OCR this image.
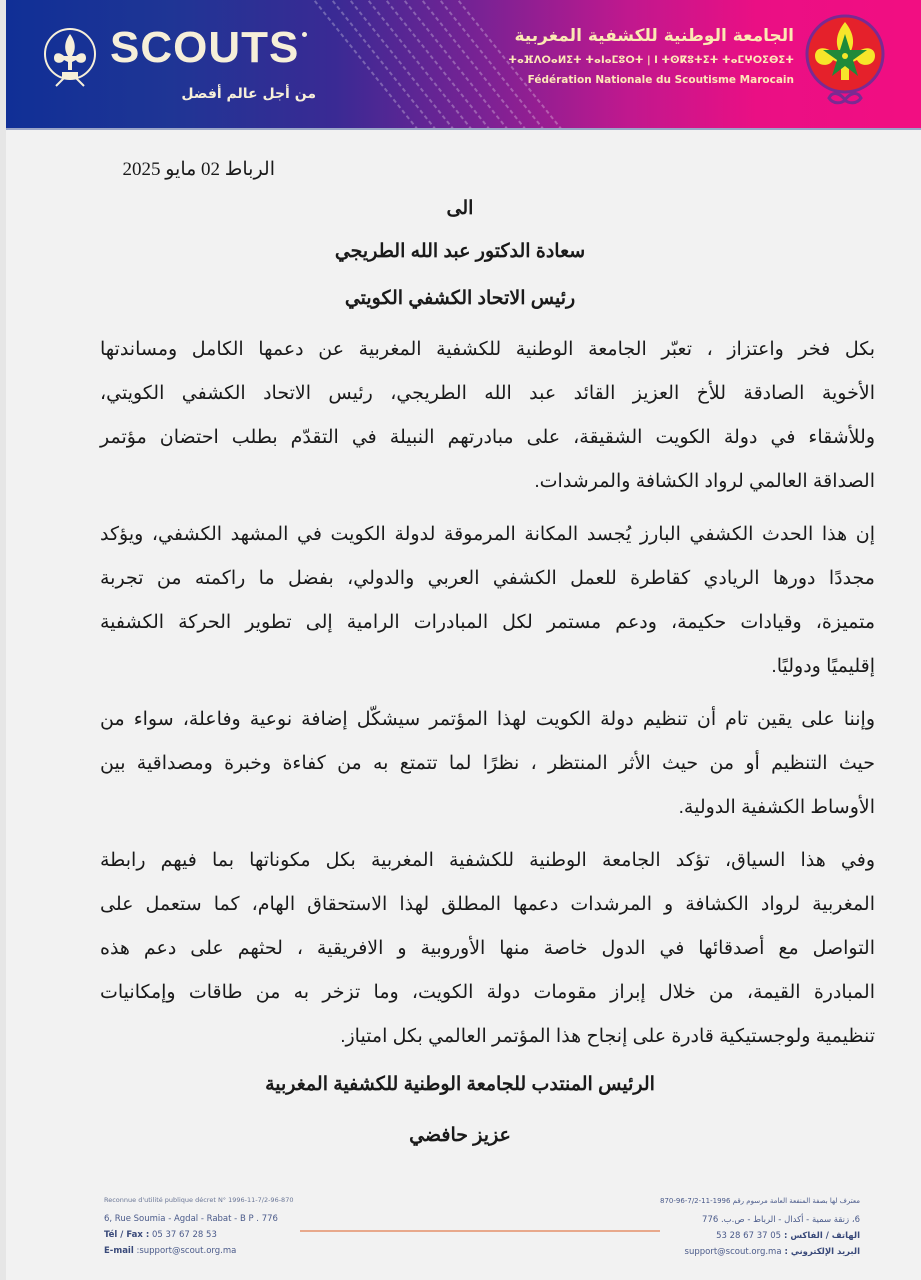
SCOUTS
من أجل عالم أفضل
الجامعة الوطنية للكشفية المغربية
ⵜⴰⴼⴷⵔⴰⵍⵉⵜ ⵜⴰⵏⴰⵎⵓⵔⵜ | ⵏ ⵜⵙⴽⵓⵜⵉⵜ ⵜⴰⵎⵖⵔⵉⴱⵉⵜ
Fédération Nationale du Scoutisme Marocain
الرباط 02 مايو 2025
الى
سعادة الدكتور عبد الله الطريجي
رئيس الاتحاد الكشفي الكويتي
بكل فخر واعتزاز ، تعبّر الجامعة الوطنية للكشفية المغربية عن دعمها الكامل ومساندتها
الأخوية الصادقة للأخ العزيز القائد عبد الله الطريجي، رئيس الاتحاد الكشفي الكويتي،
وللأشقاء في دولة الكويت الشقيقة، على مبادرتهم النبيلة في التقدّم بطلب احتضان مؤتمر
الصداقة العالمي لرواد الكشافة والمرشدات.
إن هذا الحدث الكشفي البارز يُجسد المكانة المرموقة لدولة الكويت في المشهد الكشفي، ويؤكد
مجددًا دورها الريادي كقاطرة للعمل الكشفي العربي والدولي، بفضل ما راكمته من تجربة
متميزة، وقيادات حكيمة، ودعم مستمر لكل المبادرات الرامية إلى تطوير الحركة الكشفية
إقليميًا ودوليًا.
وإننا على يقين تام أن تنظيم دولة الكويت لهذا المؤتمر سيشكّل إضافة نوعية وفاعلة، سواء من
حيث التنظيم أو من حيث الأثر المنتظر ، نظرًا لما تتمتع به من كفاءة وخبرة ومصداقية بين
الأوساط الكشفية الدولية.
وفي هذا السياق، تؤكد الجامعة الوطنية للكشفية المغربية بكل مكوناتها بما فيهم رابطة
المغربية لرواد الكشافة و المرشدات دعمها المطلق لهذا الاستحقاق الهام، كما ستعمل على
التواصل مع أصدقائها في الدول خاصة منها الأوروبية و الافريقية ، لحثهم على دعم هذه
المبادرة القيمة، من خلال إبراز مقومات دولة الكويت، وما تزخر به من طاقات وإمكانيات
تنظيمية ولوجستيكية قادرة على إنجاح هذا المؤتمر العالمي بكل امتياز.
الرئيس المنتدب للجامعة الوطنية للكشفية المغربية
عزيز حافضي
Reconnue d'utilité publique décret N° 1996-11-7/2-96-870
6, Rue Soumia - Agdal - Rabat - B P . 776
Tél / Fax : 05 37 67 28 53
E-mail :support@scout.org.ma
معترف لها بصفة المنفعة العامة مرسوم رقم 1996-11-7/2-96-870
6، زنقة سمية - أكدال - الرباط - ص.ب. 776
الهاتف / الفاكس : 05 37 67 28 53
البريد الإلكتروني : support@scout.org.ma
